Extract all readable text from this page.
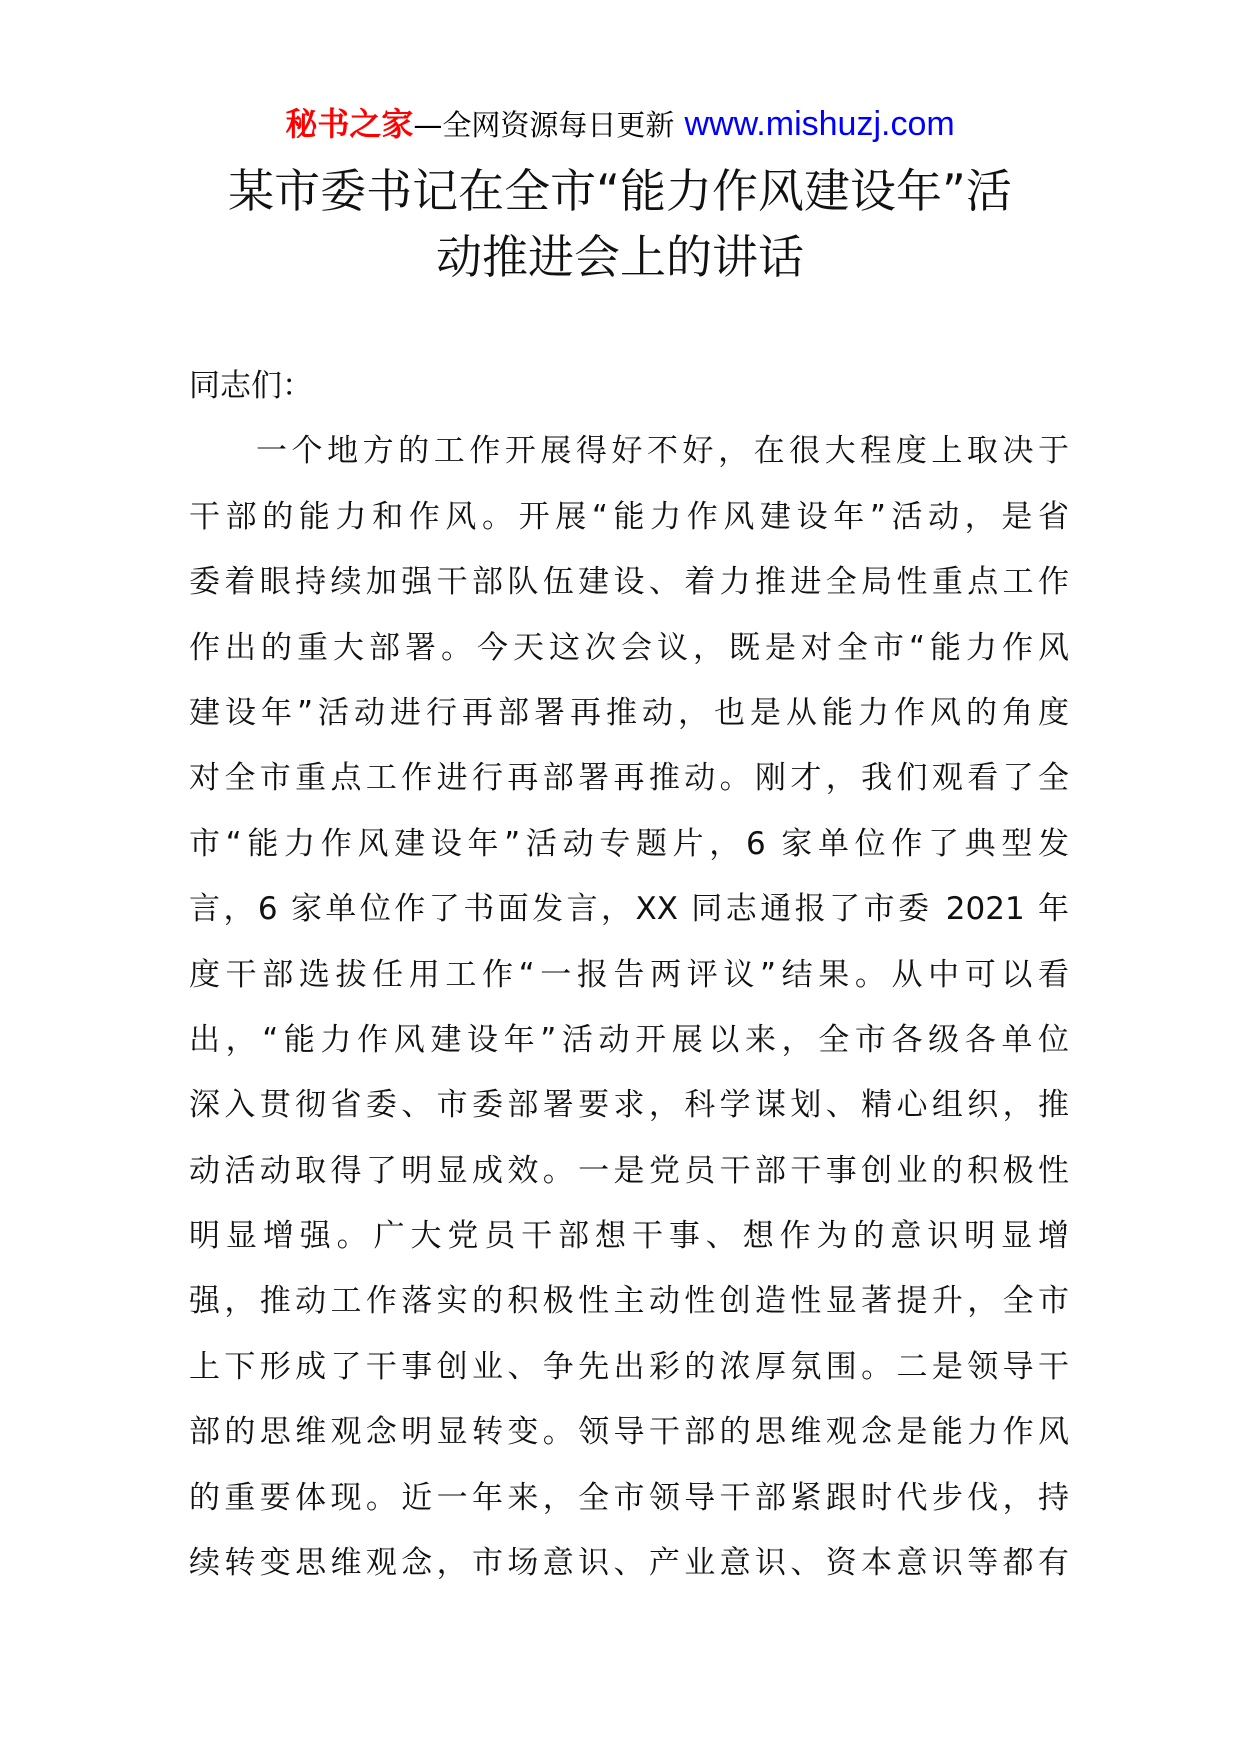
秘书之家—全网资源每日更新 www.mishuzj.com
某市委书记在全市“能力作风建设年”活
动推进会上的讲话
同志们：
一个地方的工作开展得好不好，在很大程度上取决于
干部的能力和作风。开展“能力作风建设年”活动，是省
委着眼持续加强干部队伍建设、着力推进全局性重点工作
作出的重大部署。今天这次会议，既是对全市“能力作风
建设年”活动进行再部署再推动，也是从能力作风的角度
对全市重点工作进行再部署再推动。刚才，我们观看了全
市“能力作风建设年”活动专题片，6 家单位作了典型发
言，6 家单位作了书面发言，XX 同志通报了市委 2021 年
度干部选拔任用工作“一报告两评议”结果。从中可以看
出，“能力作风建设年”活动开展以来，全市各级各单位
深入贯彻省委、市委部署要求，科学谋划、精心组织，推
动活动取得了明显成效。一是党员干部干事创业的积极性
明显增强。广大党员干部想干事、想作为的意识明显增
强，推动工作落实的积极性主动性创造性显著提升，全市
上下形成了干事创业、争先出彩的浓厚氛围。二是领导干
部的思维观念明显转变。领导干部的思维观念是能力作风
的重要体现。近一年来，全市领导干部紧跟时代步伐，持
续转变思维观念，市场意识、产业意识、资本意识等都有
